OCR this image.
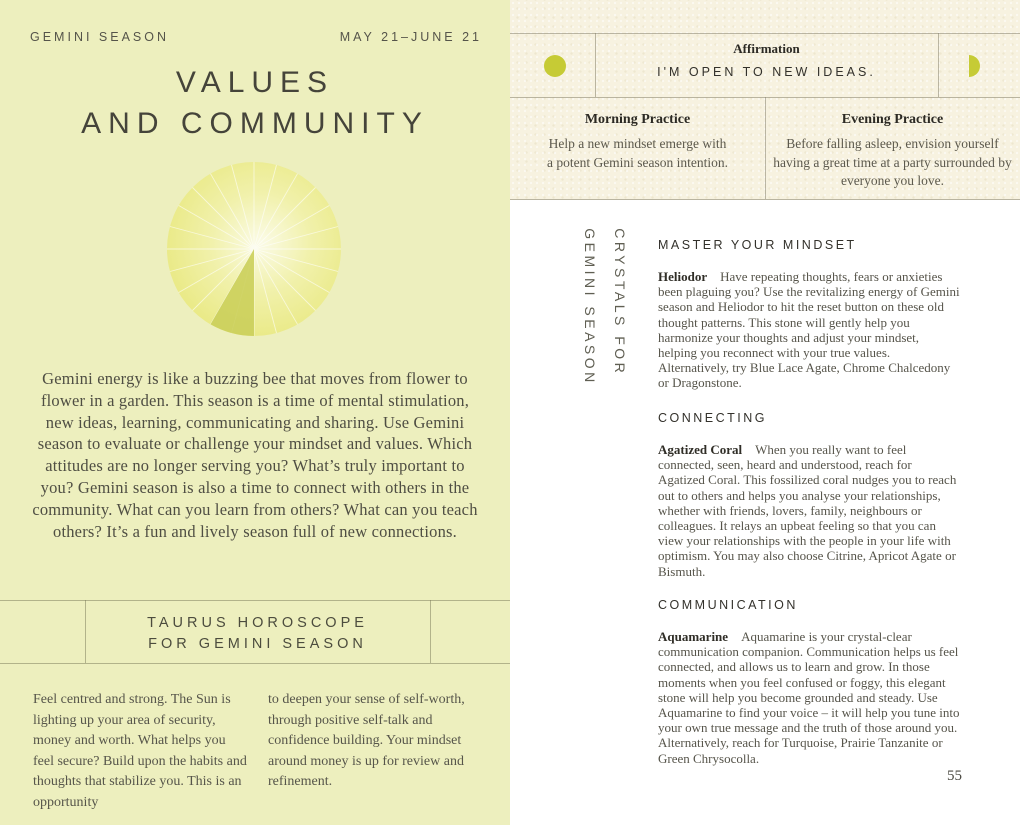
GEMINI SEASON	MAY 21–JUNE 21
VALUES
AND COMMUNITY
Gemini energy is like a buzzing bee that moves from flower to flower in a garden. This season is a time of mental stimulation, new ideas, learning, communicating and sharing. Use Gemini season to evaluate or challenge your mindset and values. Which attitudes are no longer serving you? What’s truly important to you? Gemini season is also a time to connect with others in the community. What can you learn from others? What can you teach others? It’s a fun and lively season full of new connections.
TAURUS HOROSCOPE
FOR GEMINI SEASON
Feel centred and strong. The Sun is lighting up your area of security, money and worth. What helps you feel secure? Build upon the habits and thoughts that stabilize you. This is an opportunity
to deepen your sense of self-worth, through positive self-talk and confidence building. Your mindset around money is up for review and refinement.
Affirmation
I'M OPEN TO NEW IDEAS.
Morning Practice
Help a new mindset emerge with a potent Gemini season intention.
Evening Practice
Before falling asleep, envision yourself having a great time at a party surrounded by everyone you love.
CRYSTALS FOR
GEMINI SEASON	MASTER YOUR MINDSET

Heliodor Have repeating thoughts, fears or anxieties been plaguing you? Use the revitalizing energy of Gemini season and Heliodor to hit the reset button on these old thought patterns. This stone will gently help you harmonize your thoughts and adjust your mindset, helping you reconnect with your true values. Alternatively, try Blue Lace Agate, Chrome Chalcedony or Dragonstone.

CONNECTING

Agatized Coral When you really want to feel connected, seen, heard and understood, reach for Agatized Coral. This fossilized coral nudges you to reach out to others and helps you analyse your relationships, whether with friends, lovers, family, neighbours or colleagues. It relays an upbeat feeling so that you can view your relationships with the people in your life with optimism. You may also choose Citrine, Apricot Agate or Bismuth.

COMMUNICATION

Aquamarine Aquamarine is your crystal-clear communication companion. Communication helps us feel connected, and allows us to learn and grow. In those moments when you feel confused or foggy, this elegant stone will help you become grounded and steady. Use Aquamarine to find your voice – it will help you tune into your own true message and the truth of those around you. Alternatively, reach for Turquoise, Prairie Tanzanite or Green Chrysocolla.

55
